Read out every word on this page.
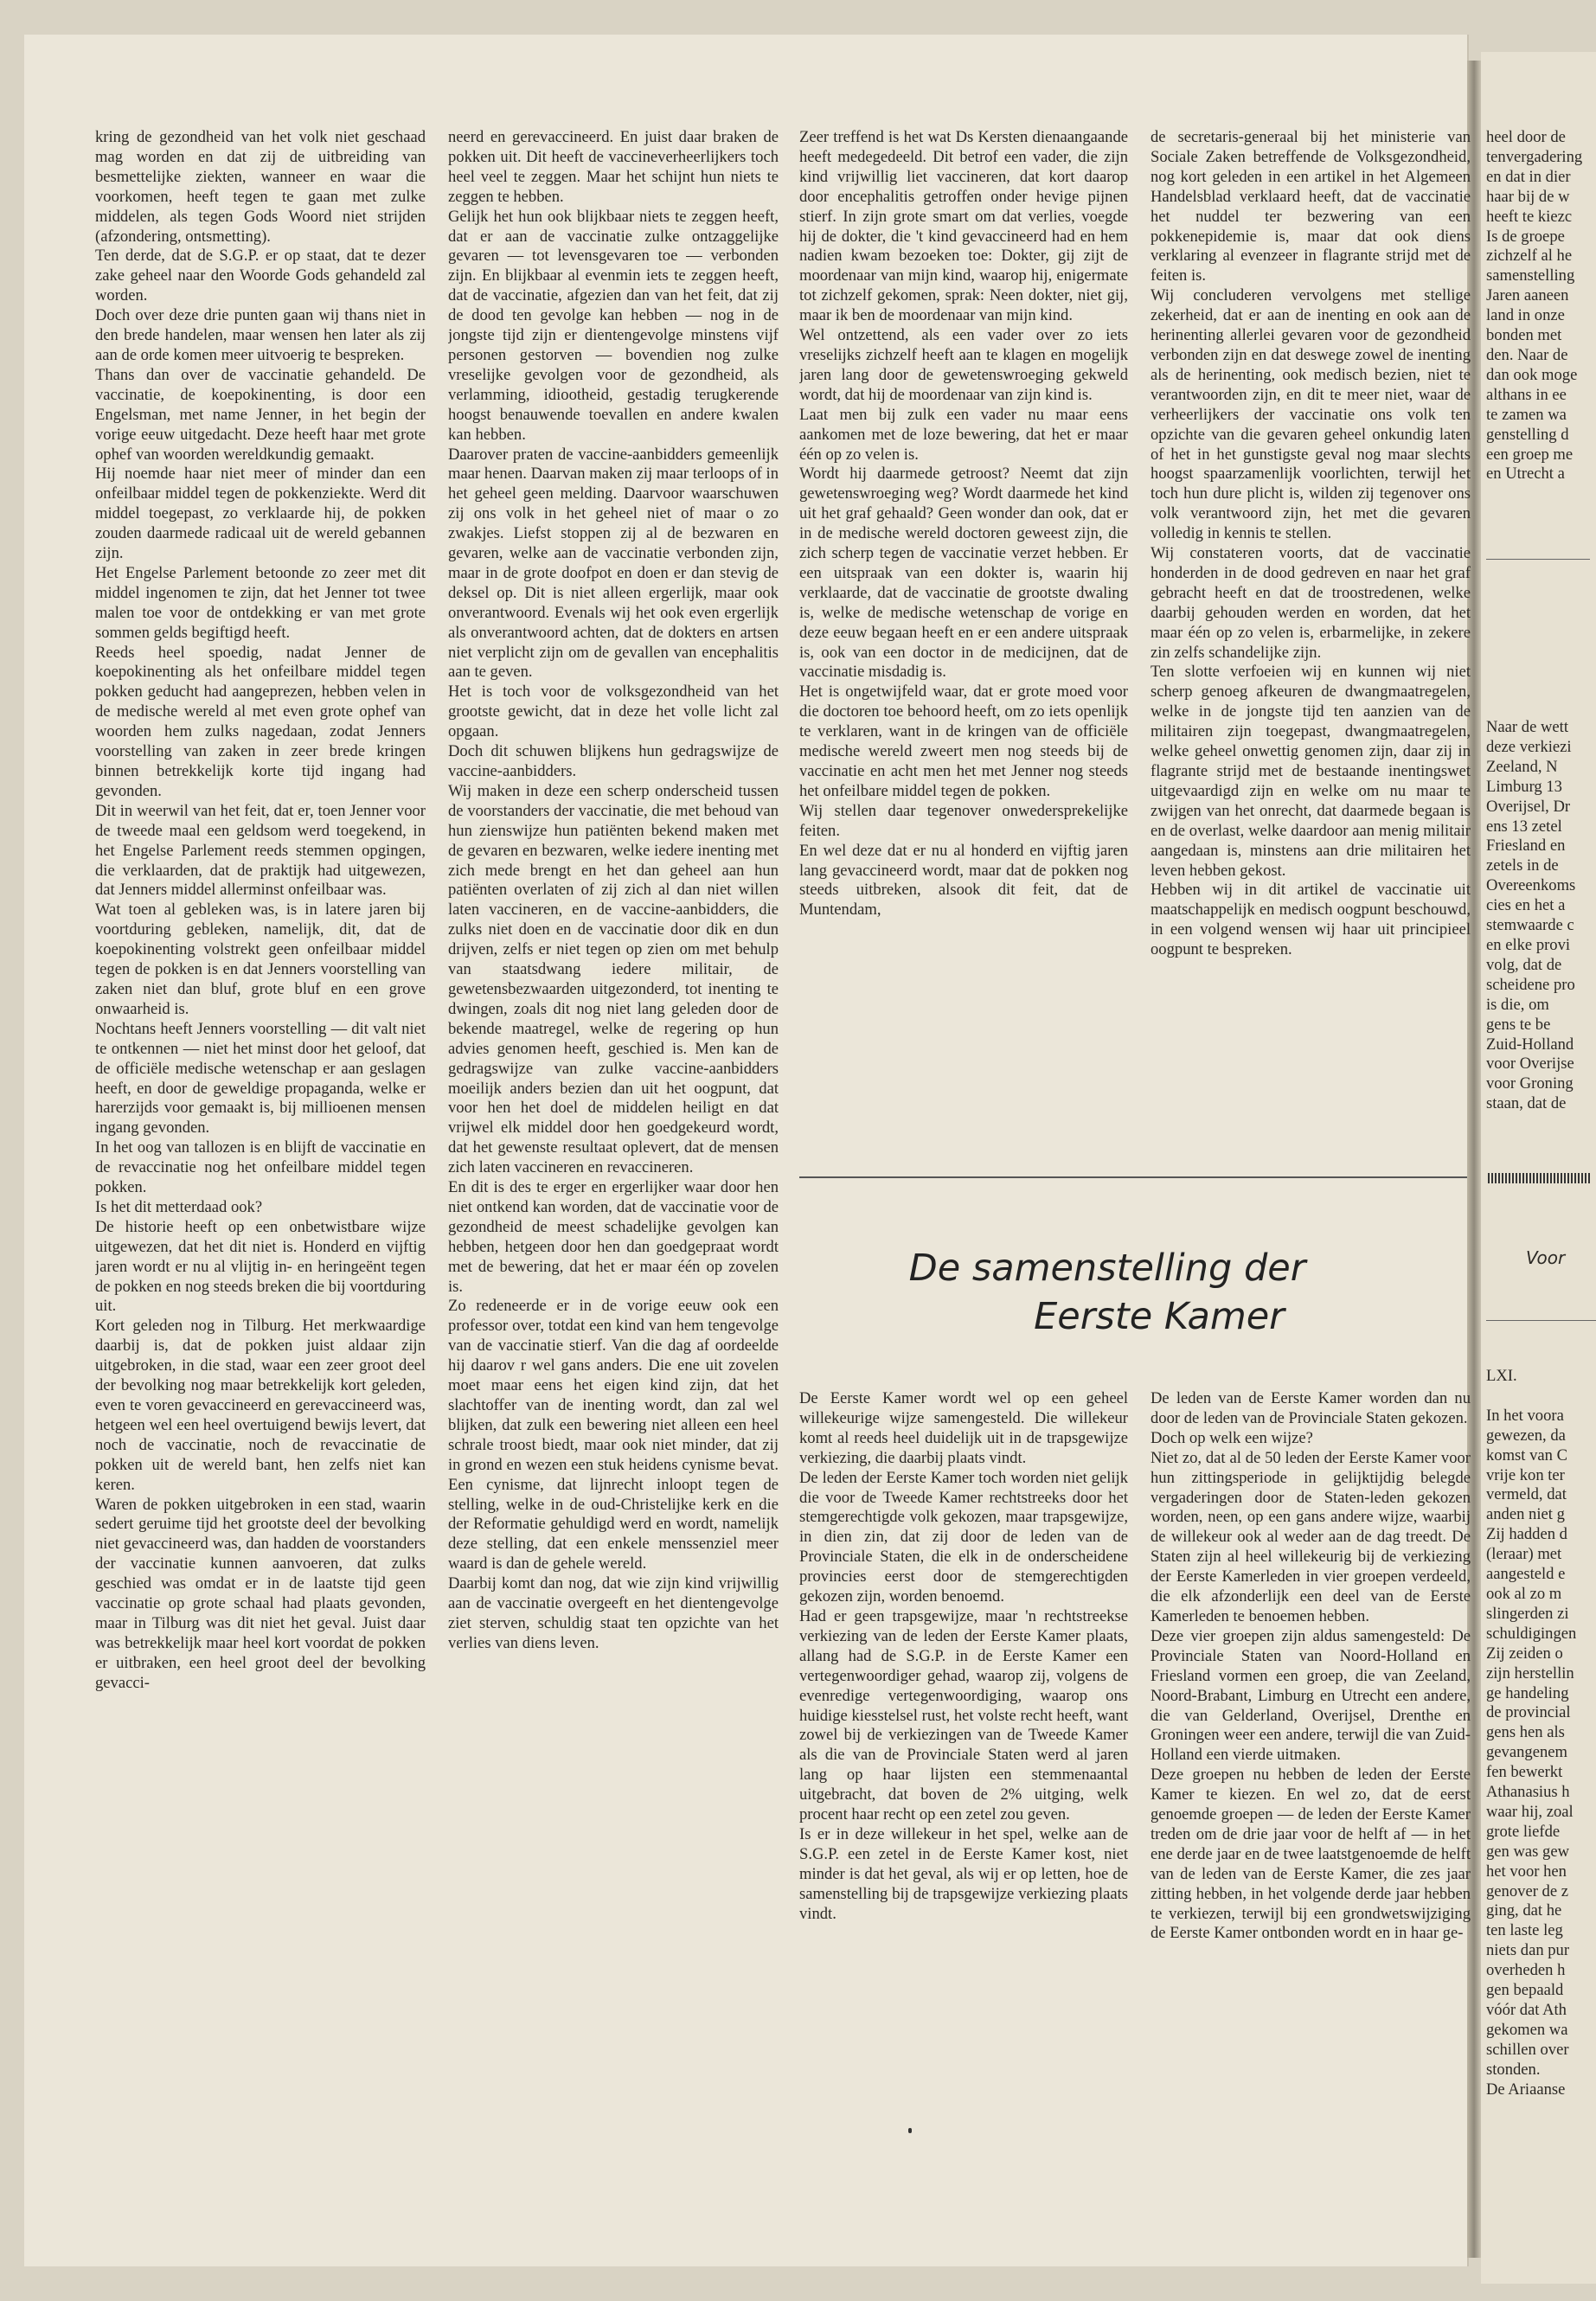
kring de gezondheid van het volk niet geschaad mag worden en dat zij de uitbreiding van besmettelijke ziekten, wanneer en waar die voorkomen, heeft tegen te gaan met zulke middelen, als tegen Gods Woord niet strijden (afzondering, ontsmetting).

Ten derde, dat de S.G.P. er op staat, dat te dezer zake geheel naar den Woorde Gods gehandeld zal worden.

Doch over deze drie punten gaan wij thans niet in den brede handelen, maar wensen hen later als zij aan de orde komen meer uitvoerig te bespreken.

Thans dan over de vaccinatie gehandeld. De vaccinatie, de koepokinenting, is door een Engelsman, met name Jenner, in het begin der vorige eeuw uitgedacht. Deze heeft haar met grote ophef van woorden wereldkundig gemaakt.

Hij noemde haar niet meer of minder dan een onfeilbaar middel tegen de pokkenziekte. Werd dit middel toegepast, zo verklaarde hij, de pokken zouden daarmede radicaal uit de wereld gebannen zijn.

Het Engelse Parlement betoonde zo zeer met dit middel ingenomen te zijn, dat het Jenner tot twee malen toe voor de ontdekking er van met grote sommen gelds begiftigd heeft.

Reeds heel spoedig, nadat Jenner de koepokinenting als het onfeilbare middel tegen pokken geducht had aangeprezen, hebben velen in de medische wereld al met even grote ophef van woorden hem zulks nagedaan, zodat Jenners voorstelling van zaken in zeer brede kringen binnen betrekkelijk korte tijd ingang had gevonden.

Dit in weerwil van het feit, dat er, toen Jenner voor de tweede maal een geldsom werd toegekend, in het Engelse Parlement reeds stemmen opgingen, die verklaarden, dat de praktijk had uitgewezen, dat Jenners middel allerminst onfeilbaar was.

Wat toen al gebleken was, is in latere jaren bij voortduring gebleken, namelijk, dit, dat de koepokinenting volstrekt geen onfeilbaar middel tegen de pokken is en dat Jenners voorstelling van zaken niet dan bluf, grote bluf en een grove onwaarheid is.

Nochtans heeft Jenners voorstelling — dit valt niet te ontkennen — niet het minst door het geloof, dat de officiële medische wetenschap er aan geslagen heeft, en door de geweldige propaganda, welke er harerzijds voor gemaakt is, bij millioenen mensen ingang gevonden.

In het oog van tallozen is en blijft de vaccinatie en de revaccinatie nog het onfeilbare middel tegen pokken.

Is het dit metterdaad ook?

De historie heeft op een onbetwistbare wijze uitgewezen, dat het dit niet is. Honderd en vijftig jaren wordt er nu al vlijtig in- en heringeënt tegen de pokken en nog steeds breken die bij voortduring uit.

Kort geleden nog in Tilburg. Het merkwaardige daarbij is, dat de pokken juist aldaar zijn uitgebroken, in die stad, waar een zeer groot deel der bevolking nog maar betrekkelijk kort geleden, even te voren gevaccineerd en gerevaccineerd was, hetgeen wel een heel overtuigend bewijs levert, dat noch de vaccinatie, noch de revaccinatie de pokken uit de wereld bant, hen zelfs niet kan keren.

Waren de pokken uitgebroken in een stad, waarin sedert geruime tijd het grootste deel der bevolking niet gevaccineerd was, dan hadden de voorstanders der vaccinatie kunnen aanvoeren, dat zulks geschied was omdat er in de laatste tijd geen vaccinatie op grote schaal had plaats gevonden, maar in Tilburg was dit niet het geval. Juist daar was betrekkelijk maar heel kort voordat de pokken er uitbraken, een heel groot deel der bevolking gevacci-

neerd en gerevaccineerd. En juist daar braken de pokken uit. Dit heeft de vaccineverheerlijkers toch heel veel te zeggen. Maar het schijnt hun niets te zeggen te hebben.

Gelijk het hun ook blijkbaar niets te zeggen heeft, dat er aan de vaccinatie zulke ontzaggelijke gevaren — tot levensgevaren toe — verbonden zijn. En blijkbaar al evenmin iets te zeggen heeft, dat de vaccinatie, afgezien dan van het feit, dat zij de dood ten gevolge kan hebben — nog in de jongste tijd zijn er dientengevolge minstens vijf personen gestorven — bovendien nog zulke vreselijke gevolgen voor de gezondheid, als verlamming, idiootheid, gestadig terugkerende hoogst benauwende toevallen en andere kwalen kan hebben.

Daarover praten de vaccine-aanbidders gemeenlijk maar henen. Daarvan maken zij maar terloops of in het geheel geen melding. Daarvoor waarschuwen zij ons volk in het geheel niet of maar o zo zwakjes. Liefst stoppen zij al de bezwaren en gevaren, welke aan de vaccinatie verbonden zijn, maar in de grote doofpot en doen er dan stevig de deksel op. Dit is niet alleen ergerlijk, maar ook onverantwoord. Evenals wij het ook even ergerlijk als onverantwoord achten, dat de dokters en artsen niet verplicht zijn om de gevallen van encephalitis aan te geven.

Het is toch voor de volksgezondheid van het grootste gewicht, dat in deze het volle licht zal opgaan.

Doch dit schuwen blijkens hun gedragswijze de vaccine-aanbidders.

Wij maken in deze een scherp onderscheid tussen de voorstanders der vaccinatie, die met behoud van hun zienswijze hun patiënten bekend maken met de gevaren en bezwaren, welke iedere inenting met zich mede brengt en het dan geheel aan hun patiënten overlaten of zij zich al dan niet willen laten vaccineren, en de vaccine-aanbidders, die zulks niet doen en de vaccinatie door dik en dun drijven, zelfs er niet tegen op zien om met behulp van staatsdwang iedere militair, de gewetensbezwaarden uitgezonderd, tot inenting te dwingen, zoals dit nog niet lang geleden door de bekende maatregel, welke de regering op hun advies genomen heeft, geschied is. Men kan de gedragswijze van zulke vaccine-aanbidders moeilijk anders bezien dan uit het oogpunt, dat voor hen het doel de middelen heiligt en dat vrijwel elk middel door hen goedgekeurd wordt, dat het gewenste resultaat oplevert, dat de mensen zich laten vaccineren en revaccineren.

En dit is des te erger en ergerlijker waar door hen niet ontkend kan worden, dat de vaccinatie voor de gezondheid de meest schadelijke gevolgen kan hebben, hetgeen door hen dan goedgepraat wordt met de bewering, dat het er maar één op zovelen is.

Zo redeneerde er in de vorige eeuw ook een professor over, totdat een kind van hem tengevolge van de vaccinatie stierf. Van die dag af oordeelde hij daarov r wel gans anders. Die ene uit zovelen moet maar eens het eigen kind zijn, dat het slachtoffer van de inenting wordt, dan zal wel blijken, dat zulk een bewering niet alleen een heel schrale troost biedt, maar ook niet minder, dat zij in grond en wezen een stuk heidens cynisme bevat. Een cynisme, dat lijnrecht inloopt tegen de stelling, welke in de oud-Christelijke kerk en die der Reformatie gehuldigd werd en wordt, namelijk deze stelling, dat een enkele menssenziel meer waard is dan de gehele wereld.

Daarbij komt dan nog, dat wie zijn kind vrijwillig aan de vaccinatie overgeeft en het dientengevolge ziet sterven, schuldig staat ten opzichte van het verlies van diens leven.

Zeer treffend is het wat Ds Kersten dienaangaande heeft medegedeeld. Dit betrof een vader, die zijn kind vrijwillig liet vaccineren, dat kort daarop door encephalitis getroffen onder hevige pijnen stierf. In zijn grote smart om dat verlies, voegde hij de dokter, die 't kind gevaccineerd had en hem nadien kwam bezoeken toe: Dokter, gij zijt de moordenaar van mijn kind, waarop hij, enigermate tot zichzelf gekomen, sprak: Neen dokter, niet gij, maar ik ben de moordenaar van mijn kind.

Wel ontzettend, als een vader over zo iets vreselijks zichzelf heeft aan te klagen en mogelijk jaren lang door de gewetenswroeging gekweld wordt, dat hij de moordenaar van zijn kind is.

Laat men bij zulk een vader nu maar eens aankomen met de loze bewering, dat het er maar één op zo velen is.

Wordt hij daarmede getroost? Neemt dat zijn gewetenswroeging weg? Wordt daarmede het kind uit het graf gehaald? Geen wonder dan ook, dat er in de medische wereld doctoren geweest zijn, die zich scherp tegen de vaccinatie verzet hebben. Er een uitspraak van een dokter is, waarin hij verklaarde, dat de vaccinatie de grootste dwaling is, welke de medische wetenschap de vorige en deze eeuw begaan heeft en er een andere uitspraak is, ook van een doctor in de medicijnen, dat de vaccinatie misdadig is.

Het is ongetwijfeld waar, dat er grote moed voor die doctoren toe behoord heeft, om zo iets openlijk te verklaren, want in de kringen van de officiële medische wereld zweert men nog steeds bij de vaccinatie en acht men het met Jenner nog steeds het onfeilbare middel tegen de pokken.

Wij stellen daar tegenover onwedersprekelijke feiten.

En wel deze dat er nu al honderd en vijftig jaren lang gevaccineerd wordt, maar dat de pokken nog steeds uitbreken, alsook dit feit, dat de Muntendam,

de secretaris-generaal bij het ministerie van Sociale Zaken betreffende de Volksgezondheid, nog kort geleden in een artikel in het Algemeen Handelsblad verklaard heeft, dat de vaccinatie het nuddel ter bezwering van een pokkenepidemie is, maar dat ook diens verklaring al evenzeer in flagrante strijd met de feiten is.

Wij concluderen vervolgens met stellige zekerheid, dat er aan de inenting en ook aan de herinenting allerlei gevaren voor de gezondheid verbonden zijn en dat deswege zowel de inenting als de herinenting, ook medisch bezien, niet te verantwoorden zijn, en dit te meer niet, waar de verheerlijkers der vaccinatie ons volk ten opzichte van die gevaren geheel onkundig laten of het in het gunstigste geval nog maar slechts hoogst spaarzamenlijk voorlichten, terwijl het toch hun dure plicht is, wilden zij tegenover ons volk verantwoord zijn, het met die gevaren volledig in kennis te stellen.

Wij constateren voorts, dat de vaccinatie honderden in de dood gedreven en naar het graf gebracht heeft en dat de troostredenen, welke daarbij gehouden werden en worden, dat het maar één op zo velen is, erbarmelijke, in zekere zin zelfs schandelijke zijn.

Ten slotte verfoeien wij en kunnen wij niet scherp genoeg afkeuren de dwangmaatregelen, welke in de jongste tijd ten aanzien van de militairen zijn toegepast, dwangmaatregelen, welke geheel onwettig genomen zijn, daar zij in flagrante strijd met de bestaande inentingswet uitgevaardigd zijn en welke om nu maar te zwijgen van het onrecht, dat daarmede begaan is en de overlast, welke daardoor aan menig militair aangedaan is, minstens aan drie militairen het leven hebben gekost.

Hebben wij in dit artikel de vaccinatie uit maatschappelijk en medisch oogpunt beschouwd, in een volgend wensen wij haar uit principieel oogpunt te bespreken.

De samenstelling der
Eerste Kamer

De Eerste Kamer wordt wel op een geheel willekeurige wijze samengesteld. Die willekeur komt al reeds heel duidelijk uit in de trapsgewijze verkiezing, die daarbij plaats vindt.

De leden der Eerste Kamer toch worden niet gelijk die voor de Tweede Kamer rechtstreeks door het stemgerechtigde volk gekozen, maar trapsgewijze, in dien zin, dat zij door de leden van de Provinciale Staten, die elk in de onderscheidene provincies eerst door de stemgerechtigden gekozen zijn, worden benoemd.

Had er geen trapsgewijze, maar 'n rechtstreekse verkiezing van de leden der Eerste Kamer plaats, allang had de S.G.P. in de Eerste Kamer een vertegenwoordiger gehad, waarop zij, volgens de evenredige vertegenwoordiging, waarop ons huidige kiesstelsel rust, het volste recht heeft, want zowel bij de verkiezingen van de Tweede Kamer als die van de Provinciale Staten werd al jaren lang op haar lijsten een stemmenaantal uitgebracht, dat boven de 2% uitging, welk procent haar recht op een zetel zou geven.

Is er in deze willekeur in het spel, welke aan de S.G.P. een zetel in de Eerste Kamer kost, niet minder is dat het geval, als wij er op letten, hoe de samenstelling bij de trapsgewijze verkiezing plaats vindt.

De leden van de Eerste Kamer worden dan nu door de leden van de Provinciale Staten gekozen.

Doch op welk een wijze?

Niet zo, dat al de 50 leden der Eerste Kamer voor hun zittingsperiode in gelijktijdig belegde vergaderingen door de Staten-leden gekozen worden, neen, op een gans andere wijze, waarbij de willekeur ook al weder aan de dag treedt. De Staten zijn al heel willekeurig bij de verkiezing der Eerste Kamerleden in vier groepen verdeeld, die elk afzonderlijk een deel van de Eerste Kamerleden te benoemen hebben.

Deze vier groepen zijn aldus samengesteld: De Provinciale Staten van Noord-Holland en Friesland vormen een groep, die van Zeeland, Noord-Brabant, Limburg en Utrecht een andere, die van Gelderland, Overijsel, Drenthe en Groningen weer een andere, terwijl die van Zuid-Holland een vierde uitmaken.

Deze groepen nu hebben de leden der Eerste Kamer te kiezen. En wel zo, dat de eerst genoemde groepen — de leden der Eerste Kamer treden om de drie jaar voor de helft af — in het ene derde jaar en de twee laatstgenoemde de helft van de leden van de Eerste Kamer, die zes jaar zitting hebben, in het volgende derde jaar hebben te verkiezen, terwijl bij een grondwetswijziging de Eerste Kamer ontbonden wordt en in haar ge-

heel door de

tenvergadering

en dat in dier

haar bij de w

heeft te kiezc

Is de groepe

zichzelf al he

samenstelling

Jaren aaneen

land in onze

bonden met

den. Naar de

dan ook moge

althans in ee

te zamen wa

genstelling d

een groep me

en Utrecht a

Naar de wett

deze verkiezi

Zeeland, N

Limburg 13

Overijsel, Dr

ens 13 zetel

Friesland en

zetels in de

Overeenkoms

cies en het a

stemwaarde c

en elke provi

volg, dat de

scheidene pro

is die, om

gens te be

Zuid-Holland

voor Overijse

voor Groning

staan, dat de

Voor

LXI.

In het voora

gewezen, da

komst van C

vrije kon ter

vermeld, dat

anden niet g

Zij hadden d

(leraar) met

aangesteld e

ook al zo m

slingerden zi

schuldigingen

Zij zeiden o

zijn herstellin

ge handeling

de provincial

gens hen als

gevangenem

fen bewerkt

Athanasius h

waar hij, zoal

grote liefde

gen was gew

het voor hen

genover de z

ging, dat he

ten laste leg

niets dan pur

overheden h

gen bepaald

vóór dat Ath

gekomen wa

schillen over

stonden.

De Ariaanse
